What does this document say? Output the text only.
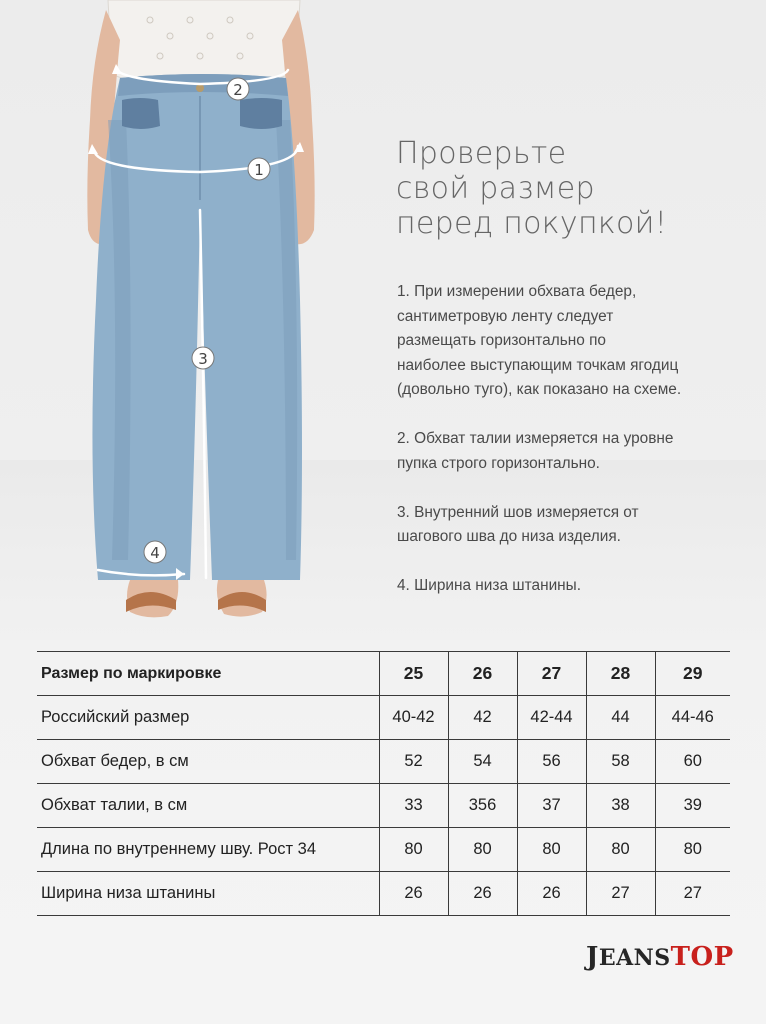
2
1
3
4
Проверьте
свой размер
перед покупкой!

1. При измерении обхвата бедер,
сантиметровую ленту следует
размещать горизонтально по
наиболее выступающим точкам ягодиц
(довольно туго), как показано на схеме.

2. Обхват талии измеряется на уровне
пупка строго горизонтально.

3. Внутренний шов измеряется от
шагового шва до низа изделия.

4. Ширина низа штанины.

Размер по маркировке	25	26	27	28	29
Российский размер	40-42	42	42-44	44	44-46
Обхват бедер, в см	52	54	56	58	60
Обхват талии, в см	33	356	37	38	39
Длина по внутреннему шву. Рост 34	80	80	80	80	80
Ширина низа штанины	26	26	26	27	27
JEANSTOP
